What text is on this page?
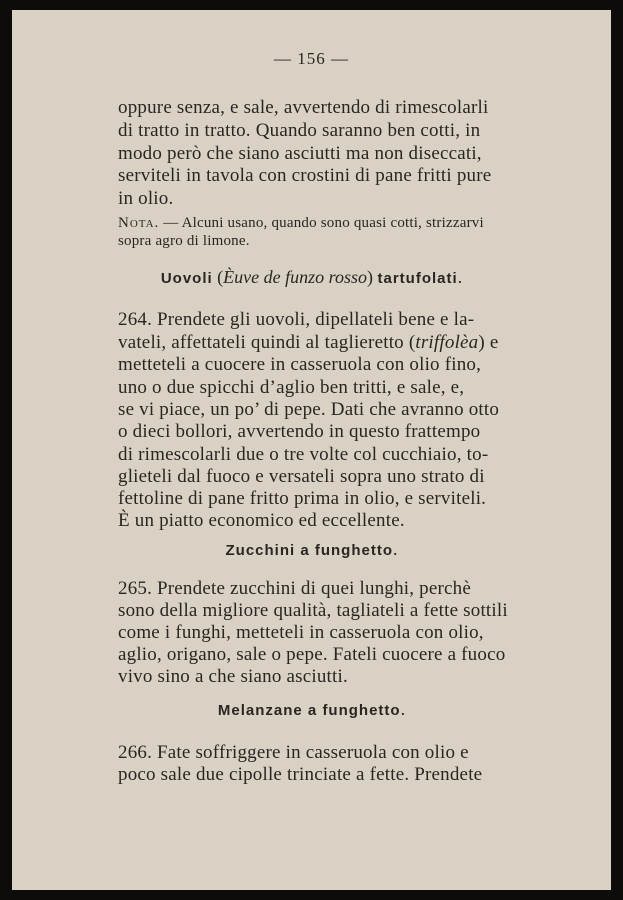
— 156 —
oppure senza, e sale, avvertendo di rimescolarli
di tratto in tratto. Quando saranno ben cotti, in
modo però che siano asciutti ma non diseccati,
serviteli in tavola con crostini di pane fritti pure
in olio.
Nota. — Alcuni usano, quando sono quasi cotti, strizzarvi
sopra agro di limone.
Uovoli (Èuve de funzo rosso) tartufolati.
264. Prendete gli uovoli, dipellateli bene e la-
vateli, affettateli quindi al taglieretto (triffolèa) e
metteteli a cuocere in casseruola con olio fino,
uno o due spicchi d’aglio ben tritti, e sale, e,
se vi piace, un po’ di pepe. Dati che avranno otto
o dieci bollori, avvertendo in questo frattempo
di rimescolarli due o tre volte col cucchiaio, to-
glieteli dal fuoco e versateli sopra uno strato di
fettoline di pane fritto prima in olio, e serviteli.
È un piatto economico ed eccellente.
Zucchini a funghetto.
265. Prendete zucchini di quei lunghi, perchè
sono della migliore qualità, tagliateli a fette sottili
come i funghi, metteteli in casseruola con olio,
aglio, origano, sale o pepe. Fateli cuocere a fuoco
vivo sino a che siano asciutti.
Melanzane a funghetto.
266. Fate soffriggere in casseruola con olio e
poco sale due cipolle trinciate a fette. Prendete
